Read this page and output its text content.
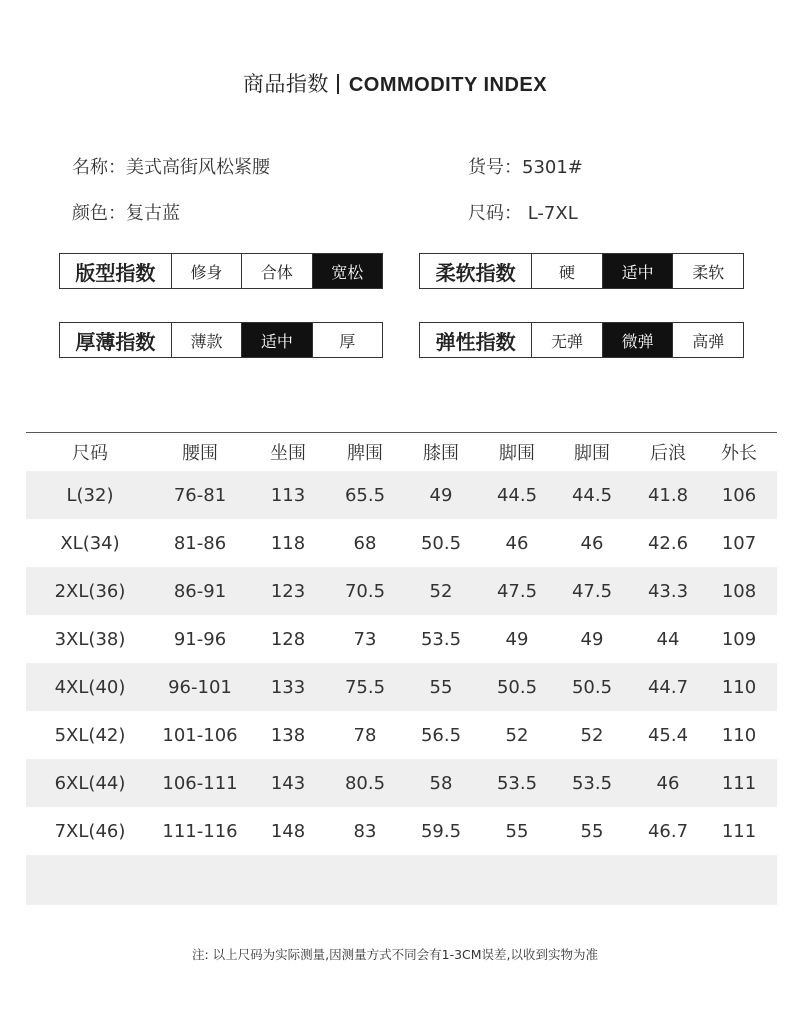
商品指数 COMMODITY INDEX
名称：美式高街风松紧腰
颜色：复古蓝
货号：5301#
尺码： L-7XL
版型指数	修身	合体	宽松	柔软指数	硬	适中	柔软
厚薄指数	薄款	适中	厚	弹性指数	无弹	微弹	高弹
尺码	腰围	坐围	脾围	膝围	脚围	脚围	后浪	外长
L(32)	76-81	113	65.5	49	44.5	44.5	41.8	106
XL(34)	81-86	118	68	50.5	46	46	42.6	107
2XL(36)	86-91	123	70.5	52	47.5	47.5	43.3	108
3XL(38)	91-96	128	73	53.5	49	49	44	109
4XL(40)	96-101	133	75.5	55	50.5	50.5	44.7	110
5XL(42)	101-106	138	78	56.5	52	52	45.4	110
6XL(44)	106-111	143	80.5	58	53.5	53.5	46	111
7XL(46)	111-116	148	83	59.5	55	55	46.7	111
注: 以上尺码为实际测量,因测量方式不同会有1-3CM误差,以收到实物为准
